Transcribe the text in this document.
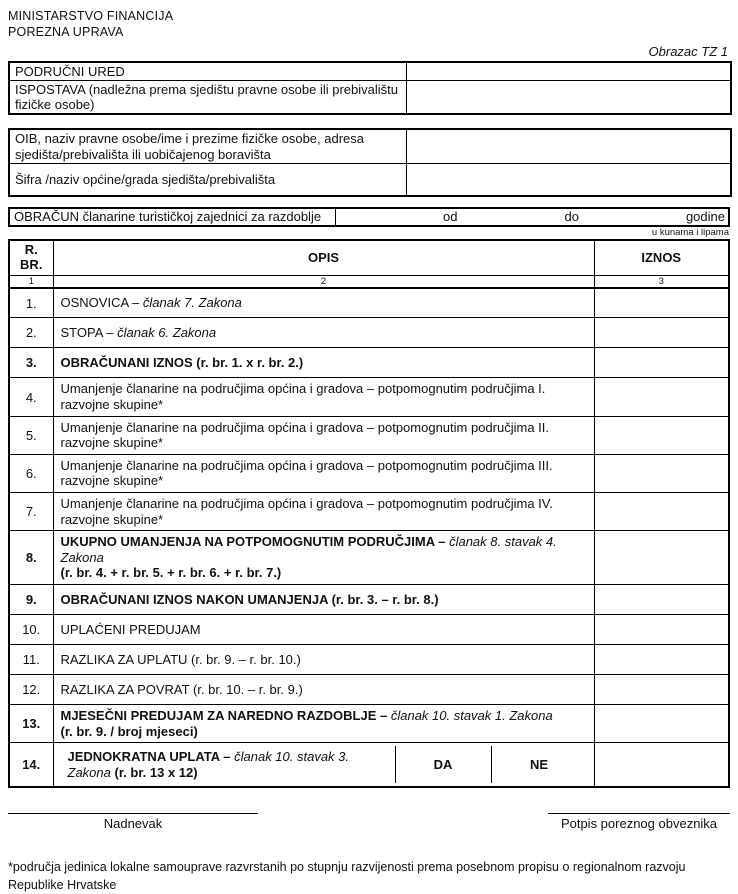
MINISTARSTVO FINANCIJA
POREZNA UPRAVA
Obrazac TZ 1
PODRUČNI URED	
ISPOSTAVA (nadležna prema sjedištu pravne osobe ili prebivalištu fizičke osobe)	
OIB, naziv pravne osobe/ime i prezime fizičke osobe, adresa sjedišta/prebivališta ili uobičajenog boravišta	
Šifra /naziv općine/grada sjedišta/prebivališta	
OBRAČUN članarine turističkoj zajednici za razdoblje	od	do	godine
u kunama i lipama
R.
BR.	OPIS	IZNOS
1	2	3
1.	OSNOVICA – članak 7. Zakona	
2.	STOPA – članak 6. Zakona	
3.	OBRAČUNANI IZNOS (r. br. 1. x r. br. 2.)	
4.	Umanjenje članarine na područjima općina i gradova – potpomognutim područjima I. razvojne skupine*	
5.	Umanjenje članarine na područjima općina i gradova – potpomognutim područjima II. razvojne skupine*	
6.	Umanjenje članarine na područjima općina i gradova – potpomognutim područjima III. razvojne skupine*	
7.	Umanjenje članarine na područjima općina i gradova – potpomognutim područjima IV. razvojne skupine*	
8.	UKUPNO UMANJENJA NA POTPOMOGNUTIM PODRUČJIMA – članak 8. stavak 4. Zakona
(r. br. 4. + r. br. 5. + r. br. 6. + r. br. 7.)	
9.	OBRAČUNANI IZNOS NAKON UMANJENJA (r. br. 3. – r. br. 8.)	
10.	UPLAĆENI PREDUJAM	
11.	RAZLIKA ZA UPLATU (r. br. 9. – r. br. 10.)	
12.	RAZLIKA ZA POVRAT (r. br. 10. – r. br. 9.)	
13.	MJESEČNI PREDUJAM ZA NAREDNO RAZDOBLJE – članak 10. stavak 1. Zakona
(r. br. 9. / broj mjeseci)	
14.	JEDNOKRATNA UPLATA – članak 10. stavak 3. Zakona (r. br. 13 x 12)
DA NE	

Nadnevak	Potpis poreznog obveznika
*područja jedinica lokalne samouprave razvrstanih po stupnju razvijenosti prema posebnom propisu o regionalnom razvoju Republike Hrvatske
